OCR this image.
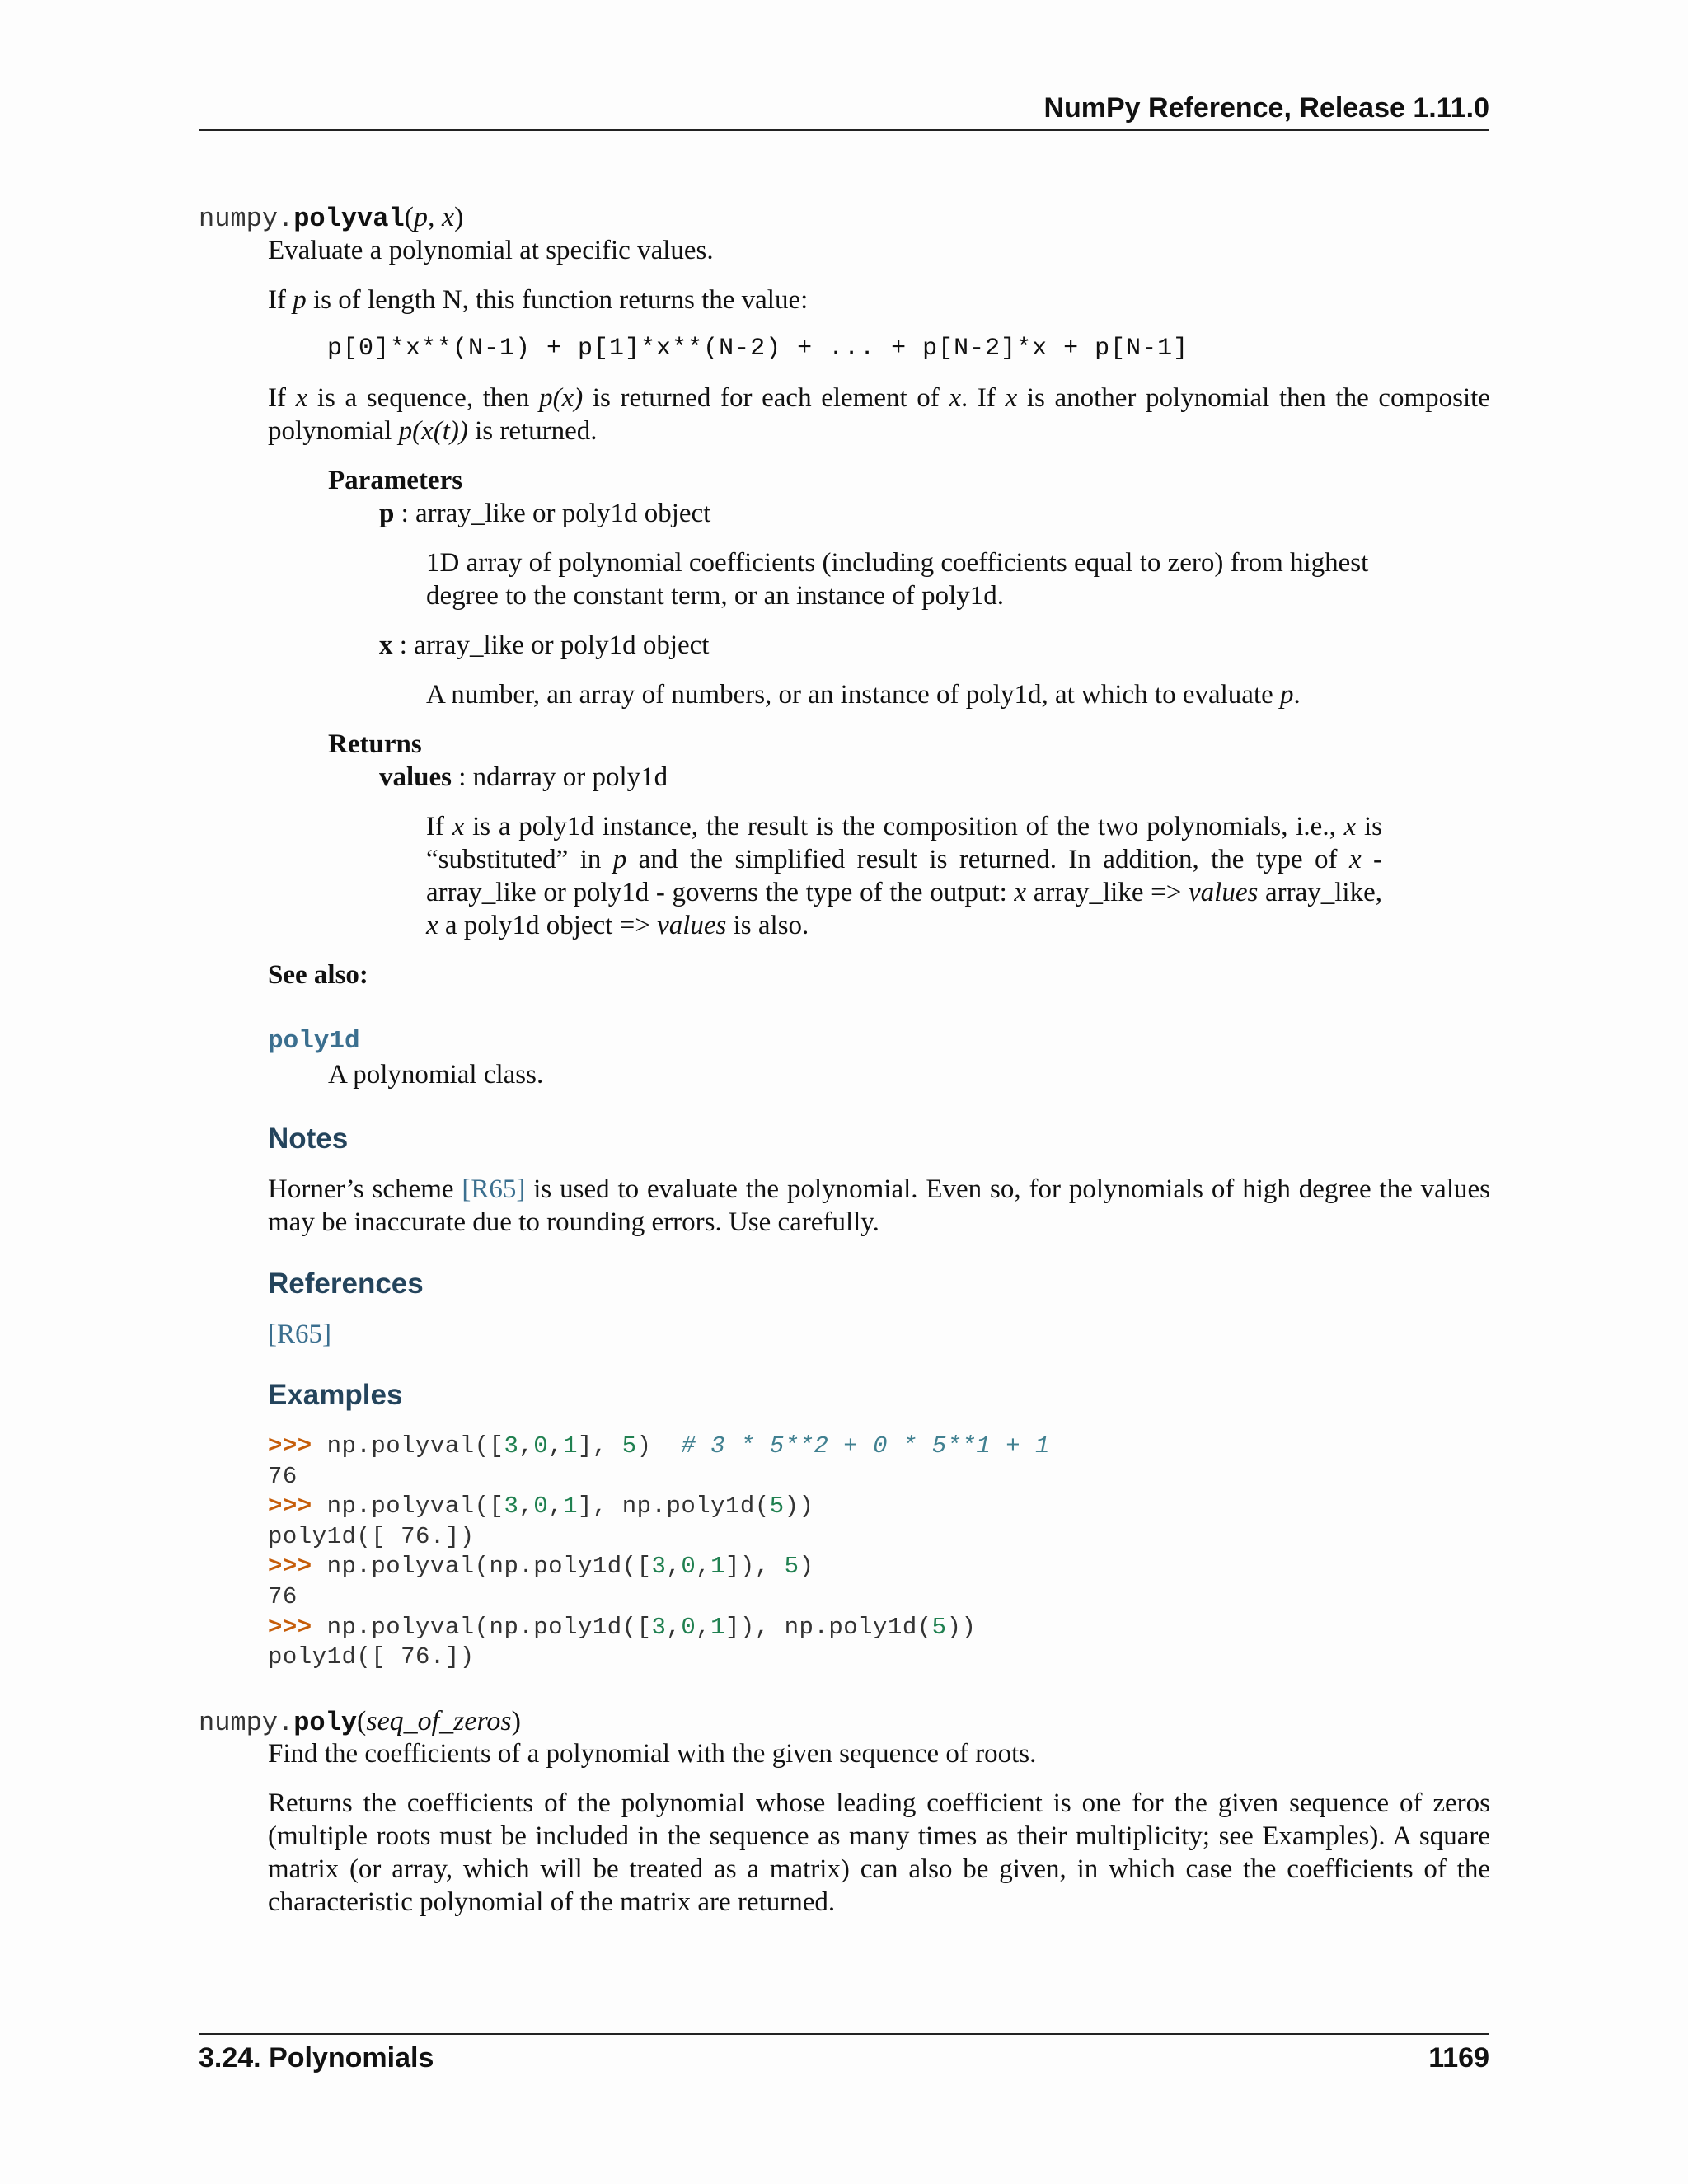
NumPy Reference, Release 1.11.0
numpy.polyval(p, x)
Evaluate a polynomial at specific values.
If p is of length N, this function returns the value:
p[0]*x**(N-1) + p[1]*x**(N-2) + ... + p[N-2]*x + p[N-1]
If x is a sequence, then p(x) is returned for each element of x. If x is another polynomial then the composite polynomial p(x(t)) is returned.
Parameters
p : array_like or poly1d object
1D array of polynomial coefficients (including coefficients equal to zero) from highest degree to the constant term, or an instance of poly1d.
x : array_like or poly1d object
A number, an array of numbers, or an instance of poly1d, at which to evaluate p.
Returns
values : ndarray or poly1d
If x is a poly1d instance, the result is the composition of the two polynomials, i.e., x is “substituted” in p and the simplified result is returned. In addition, the type of x - array_like or poly1d - governs the type of the output: x array_like => values array_like, x a poly1d object => values is also.
See also:
poly1d
A polynomial class.
Notes
Horner’s scheme [R65] is used to evaluate the polynomial. Even so, for polynomials of high degree the values may be inaccurate due to rounding errors. Use carefully.
References
[R65]
Examples
>>> np.polyval([3,0,1], 5)  # 3 * 5**2 + 0 * 5**1 + 1
76
>>> np.polyval([3,0,1], np.poly1d(5))
poly1d([ 76.])
>>> np.polyval(np.poly1d([3,0,1]), 5)
76
>>> np.polyval(np.poly1d([3,0,1]), np.poly1d(5))
poly1d([ 76.])
numpy.poly(seq_of_zeros)
Find the coefficients of a polynomial with the given sequence of roots.
Returns the coefficients of the polynomial whose leading coefficient is one for the given sequence of zeros (multiple roots must be included in the sequence as many times as their multiplicity; see Examples). A square matrix (or array, which will be treated as a matrix) can also be given, in which case the coefficients of the characteristic polynomial of the matrix are returned.
3.24. Polynomials	1169
